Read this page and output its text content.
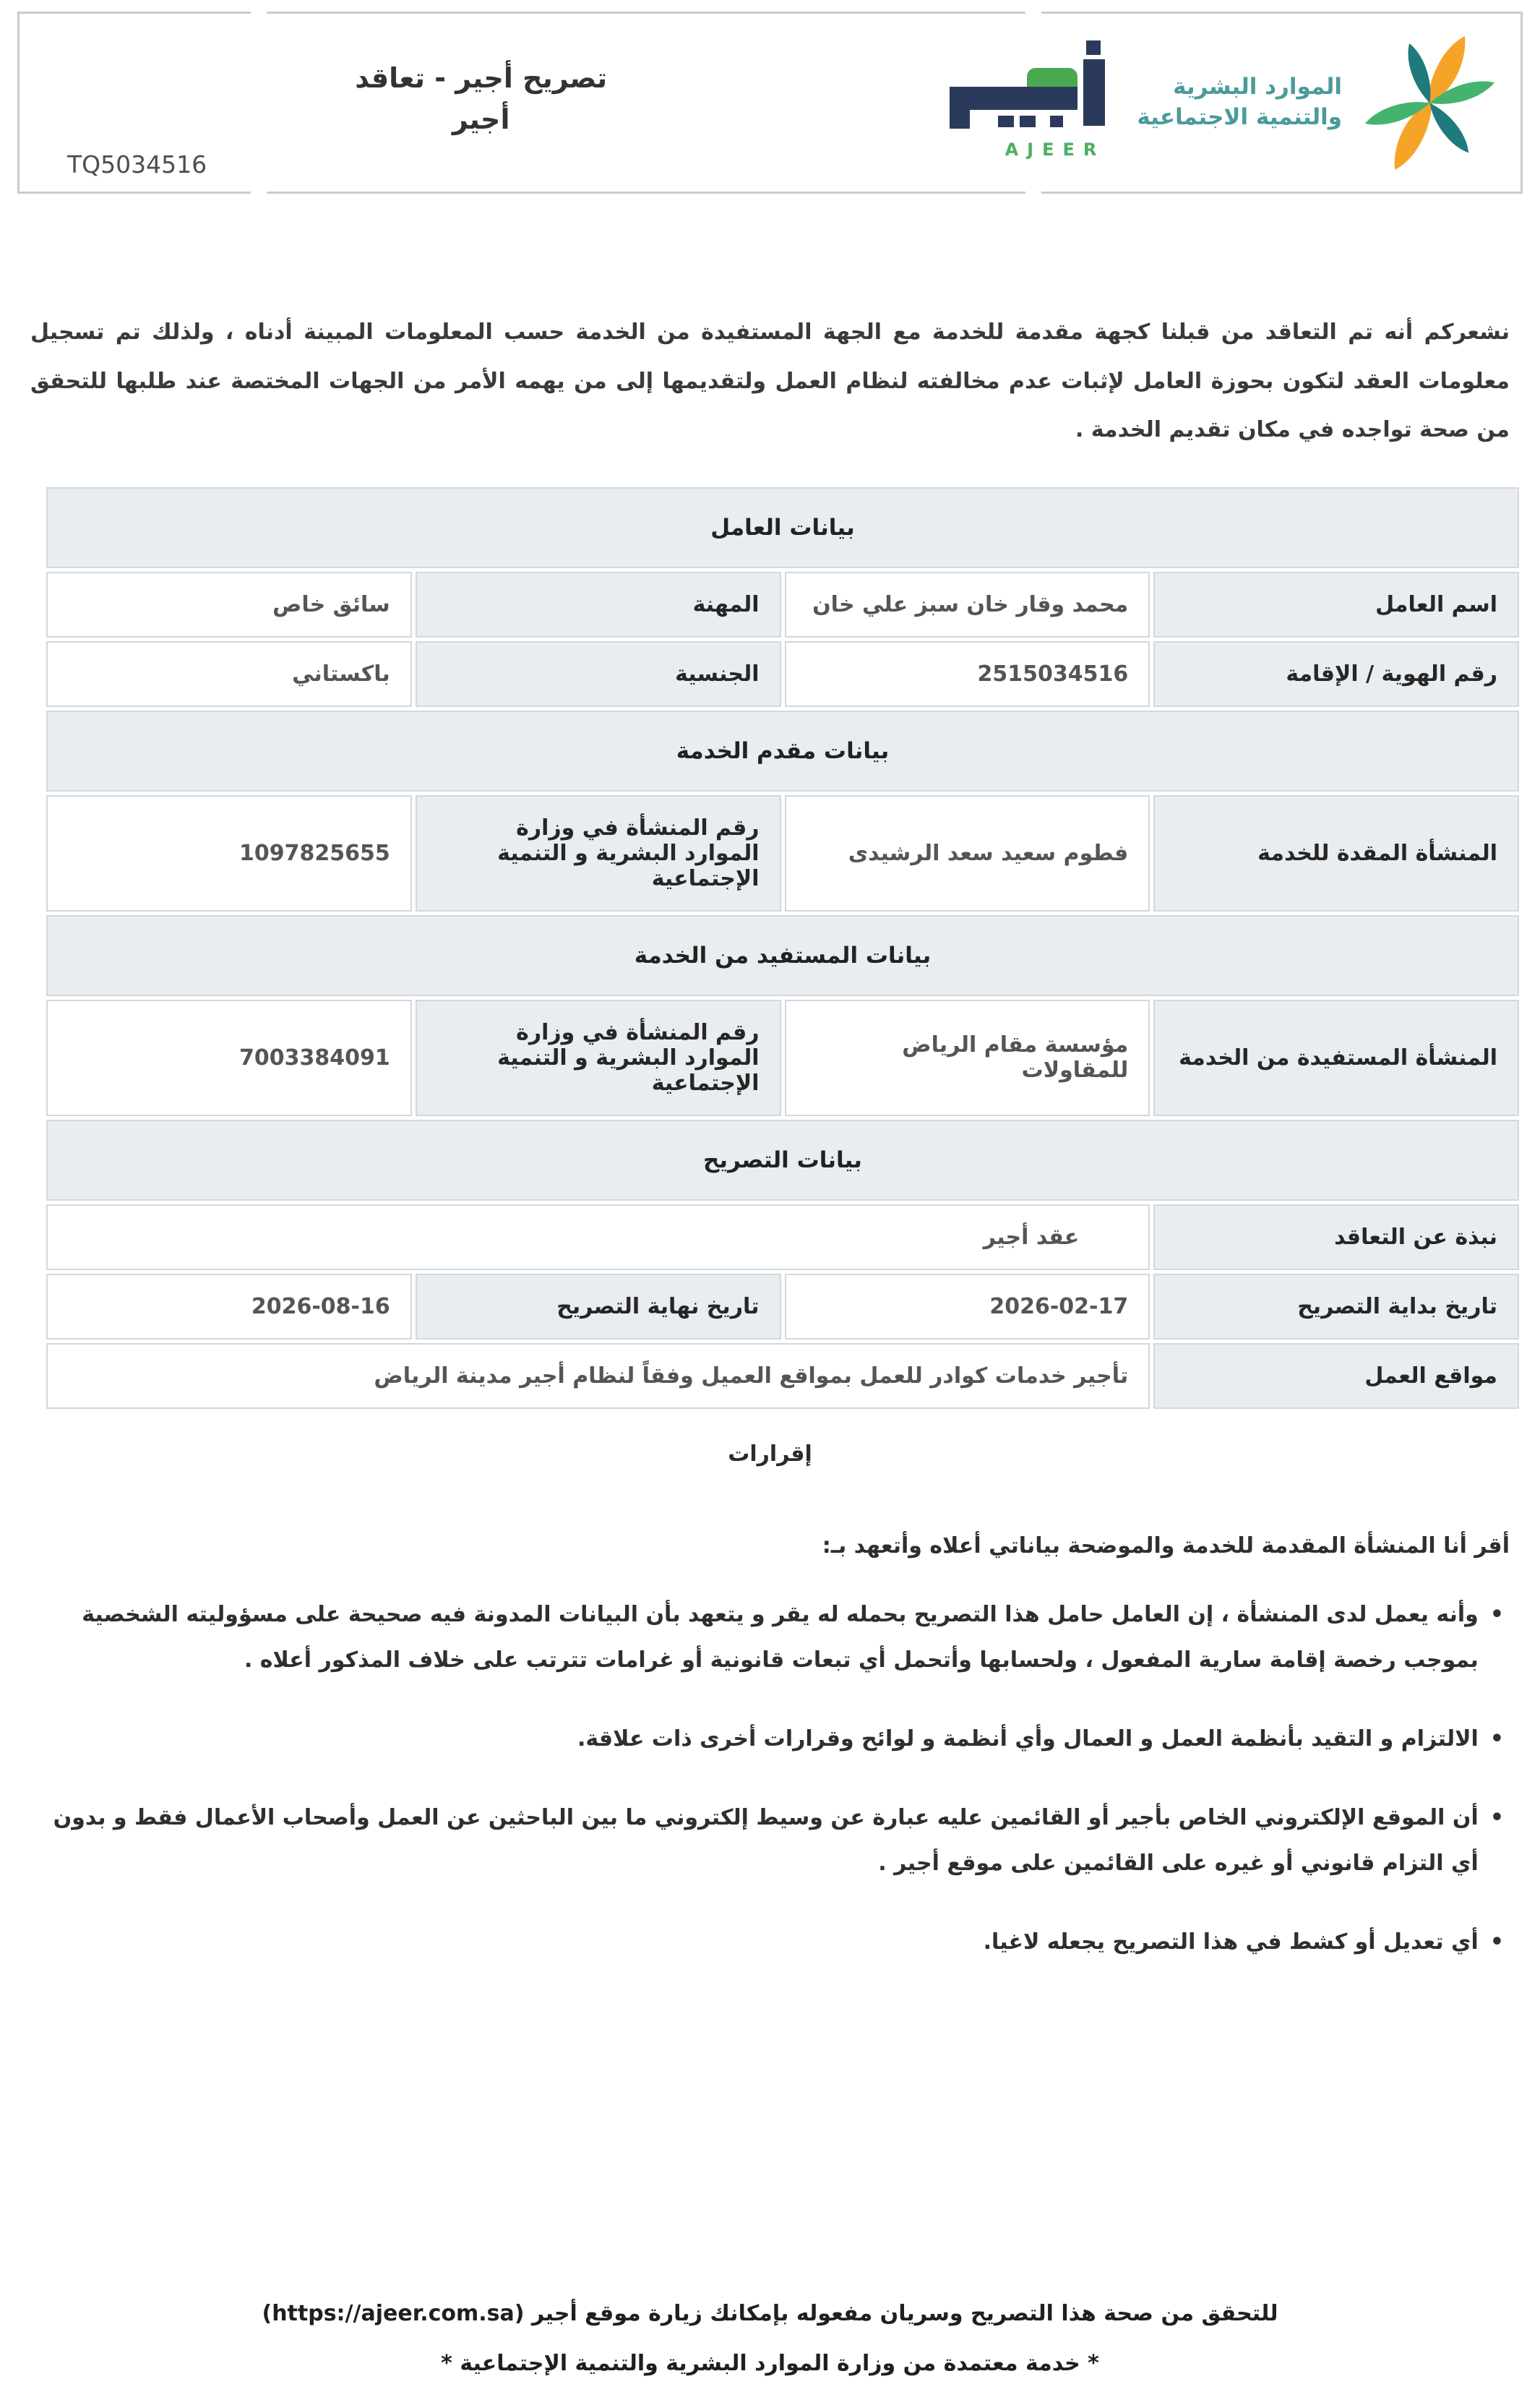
الموارد البشرية
والتنمية الاجتماعية
AJEER
تصريح أجير - تعاقد أجير
TQ5034516

نشعركم أنه تم التعاقد من قبلنا كجهة مقدمة للخدمة مع الجهة المستفيدة من الخدمة حسب المعلومات المبينة أدناه ، ولذلك تم تسجيل معلومات العقد لتكون بحوزة العامل لإثبات عدم مخالفته لنظام العمل ولتقديمها إلى من يهمه الأمر من الجهات المختصة عند طلبها للتحقق من صحة تواجده في مكان تقديم الخدمة .

بيانات العامل			
اسم العامل	محمد وقار خان سبز علي خان	المهنة	سائق خاص
رقم الهوية / الإقامة	2515034516	الجنسية	باكستاني
بيانات مقدم الخدمة			
المنشأة المقدة للخدمة	فطوم سعيد سعد الرشيدى	رقم المنشأة في وزارة الموارد البشرية و التنمية الإجتماعية	1097825655
بيانات المستفيد من الخدمة			
المنشأة المستفيدة من الخدمة	مؤسسة مقام الرياض للمقاولات	رقم المنشأة في وزارة الموارد البشرية و التنمية الإجتماعية	7003384091
بيانات التصريح			
نبذة عن التعاقد	عقد أجير		
تاريخ بداية التصريح	2026-02-17	تاريخ نهاية التصريح	2026-08-16
مواقع العمل	تأجير خدمات كوادر للعمل بمواقع العميل وفقاً لنظام أجير مدينة الرياض		
إقرارات
أقر أنا المنشأة المقدمة للخدمة والموضحة بياناتي أعلاه وأتعهد بـ:
•
وأنه يعمل لدى المنشأة ، إن العامل حامل هذا التصريح بحمله له يقر و يتعهد بأن البيانات المدونة فيه صحيحة على مسؤوليته الشخصية بموجب رخصة إقامة سارية المفعول ، ولحسابها وأتحمل أي تبعات قانونية أو غرامات تترتب على خلاف المذكور أعلاه .
•
الالتزام و التقيد بأنظمة العمل و العمال وأي أنظمة و لوائح وقرارات أخرى ذات علاقة.
•
أن الموقع الإلكتروني الخاص بأجير أو القائمين عليه عبارة عن وسيط إلكتروني ما بين الباحثين عن العمل وأصحاب الأعمال فقط و بدون أي التزام قانوني أو غيره على القائمين على موقع أجير .
•
أي تعديل أو كشط في هذا التصريح يجعله لاغيا.
للتحقق من صحة هذا التصريح وسريان مفعوله بإمكانك زيارة موقع أجير (https://ajeer.com.sa)
* خدمة معتمدة من وزارة الموارد البشرية والتنمية الإجتماعية *
